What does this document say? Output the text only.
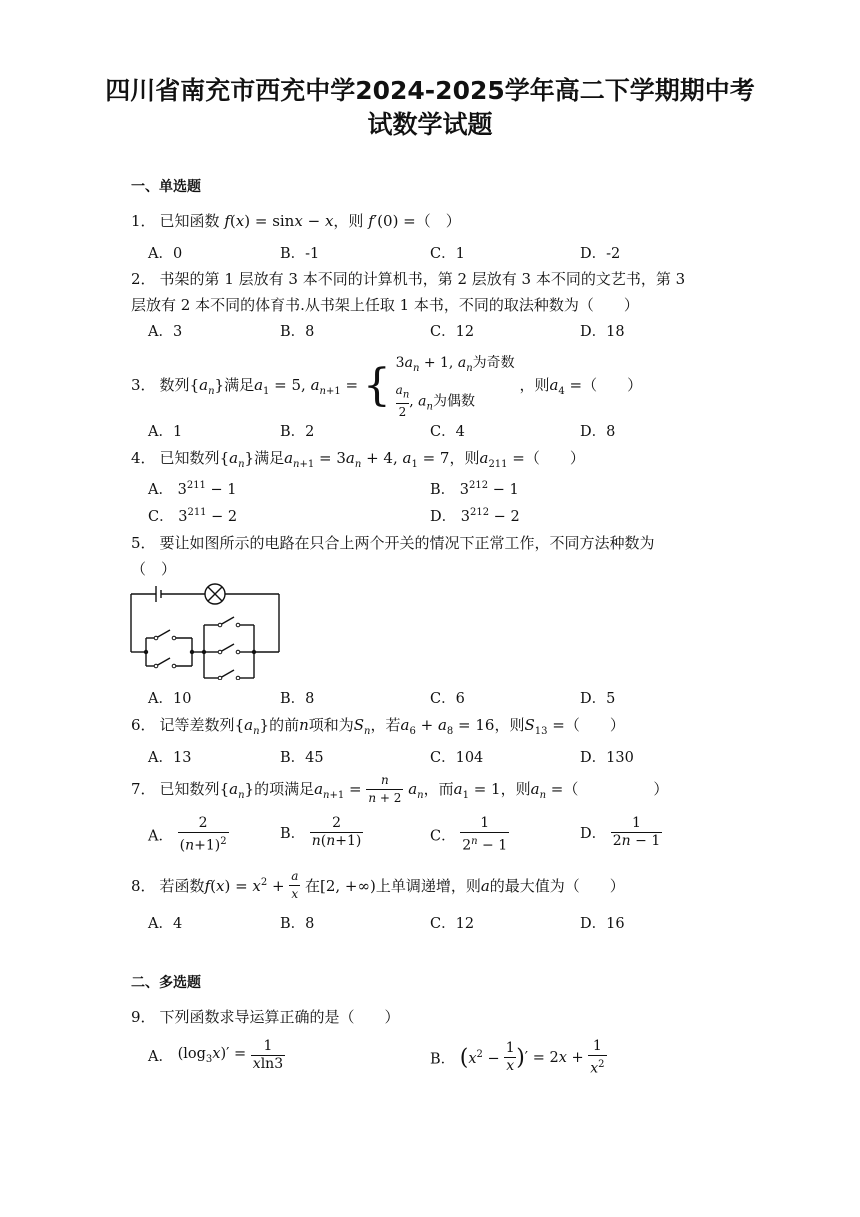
四川省南充市西充中学2024-2025学年高二下学期期中考
试数学试题
一、单选题
1． 已知函数 f(x) = sinx − x，则 f′(0) =（　）
A．0	B．-1	C．1	D．-2
2． 书架的第 1 层放有 3 本不同的计算机书，第 2 层放有 3 本不同的文艺书，第 3
层放有 2 本不同的体育书.从书架上任取 1 本书，不同的取法种数为（　　）
A．3	B．8	C．12	D．18
3． 数列$\{a_n\}$满足$a_1 = 5$, $a_{n+1}$ = { $3a_n + 1$, $a_n$为奇数
$\frac{a_n}{2}$ , $a_n$为偶数
，则$a_4$ =（　　）
A．1	B．2	C．4	D．8
4． 已知数列$\{a_n\}$满足$a_{n+1} = 3a_n + 4$, $a_1 = 7$，则$a_{211}$ =（　　）
A． $3^{211} - 1$	B． $3^{212} - 1$
C． $3^{211} - 2$	D． $3^{212} - 2$
5． 要让如图所示的电路在只合上两个开关的情况下正常工作，不同方法种数为
（　）
A．10	B．8	C．6	D．5
6． 记等差数列$\{a_n\}$的前n项和为$S_n$，若$a_6 + a_8 = 16$，则$S_{13}$ =（　　）
A．13	B．45	C．104	D．130
7． 已知数列$\{a_n\}$的项满足$a_{n+1} = \frac{n}{n + 2} a_n$，而$a_1 = 1$，则$a_n$ =（　　　　　）
A． $\frac{2}{(n+1)^2}$	B． $\frac{2}{n(n+1)}$	C． $\frac{1}{2^n - 1}$	D． $\frac{1}{2n - 1}$
8． 若函数$f(x) = x^2 + \frac{a}{x}$ 在[2, +∞)上单调递增，则a的最大值为（　　）
A．4	B．8	C．12	D．16
二、多选题
9． 下列函数求导运算正确的是（　　）
A． $(\log_3x)' = \frac{1}{xln3}$	B． ($x^2 - \frac{1}{x}$ )′ = $2x + \frac{1}{x^2}$
